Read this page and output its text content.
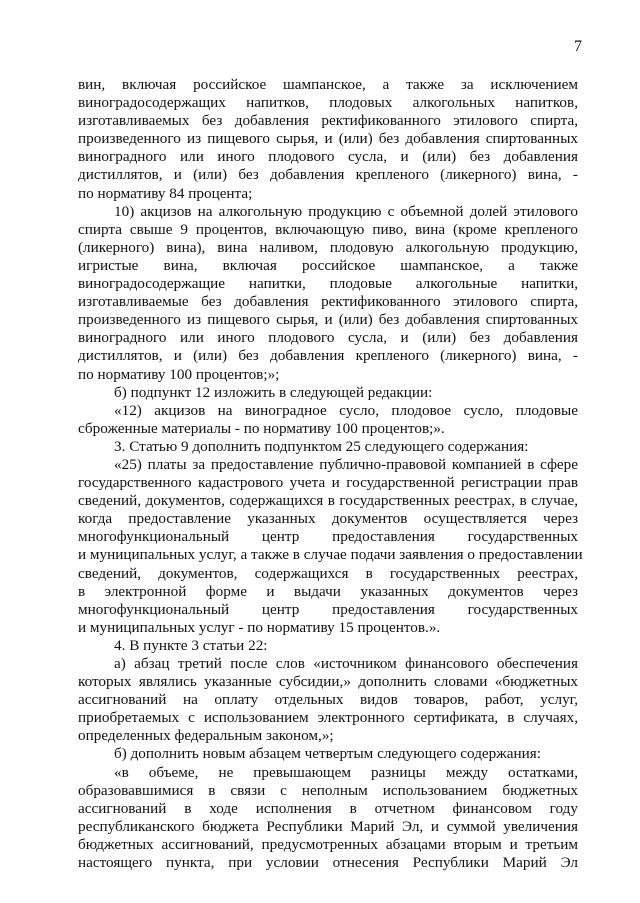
7

вин, включая российское шампанское, а также за исключением
виноградосодержащих напитков, плодовых алкогольных напитков,
изготавливаемых без добавления ректификованного этилового спирта,
произведенного из пищевого сырья, и (или) без добавления спиртованных
виноградного или иного плодового сусла, и (или) без добавления
дистиллятов, и (или) без добавления крепленого (ликерного) вина, -
по нормативу 84 процента;

10) акцизов на алкогольную продукцию с объемной долей этилового
спирта свыше 9 процентов, включающую пиво, вина (кроме крепленого
(ликерного) вина), вина наливом, плодовую алкогольную продукцию,
игристые вина, включая российское шампанское, а также
виноградосодержащие напитки, плодовые алкогольные напитки,
изготавливаемые без добавления ректификованного этилового спирта,
произведенного из пищевого сырья, и (или) без добавления спиртованных
виноградного или иного плодового сусла, и (или) без добавления
дистиллятов, и (или) без добавления крепленого (ликерного) вина, -
по нормативу 100 процентов;»;

б) подпункт 12 изложить в следующей редакции:

«12) акцизов на виноградное сусло, плодовое сусло, плодовые
сброженные материалы - по нормативу 100 процентов;».

3. Статью 9 дополнить подпунктом 25 следующего содержания:

«25) платы за предоставление публично-правовой компанией в сфере
государственного кадастрового учета и государственной регистрации прав
сведений, документов, содержащихся в государственных реестрах, в случае,
когда предоставление указанных документов осуществляется через
многофункциональный центр предоставления государственных
и муниципальных услуг, а также в случае подачи заявления о предоставлении
сведений, документов, содержащихся в государственных реестрах,
в электронной форме и выдачи указанных документов через
многофункциональный центр предоставления государственных
и муниципальных услуг - по нормативу 15 процентов.».

4. В пункте 3 статьи 22:

а) абзац третий после слов «источником финансового обеспечения
которых являлись указанные субсидии,» дополнить словами «бюджетных
ассигнований на оплату отдельных видов товаров, работ, услуг,
приобретаемых с использованием электронного сертификата, в случаях,
определенных федеральным законом,»;

б) дополнить новым абзацем четвертым следующего содержания:

«в объеме, не превышающем разницы между остатками,
образовавшимися в связи с неполным использованием бюджетных
ассигнований в ходе исполнения в отчетном финансовом году
республиканского бюджета Республики Марий Эл, и суммой увеличения
бюджетных ассигнований, предусмотренных абзацами вторым и третьим
настоящего пункта, при условии отнесения Республики Марий Эл
